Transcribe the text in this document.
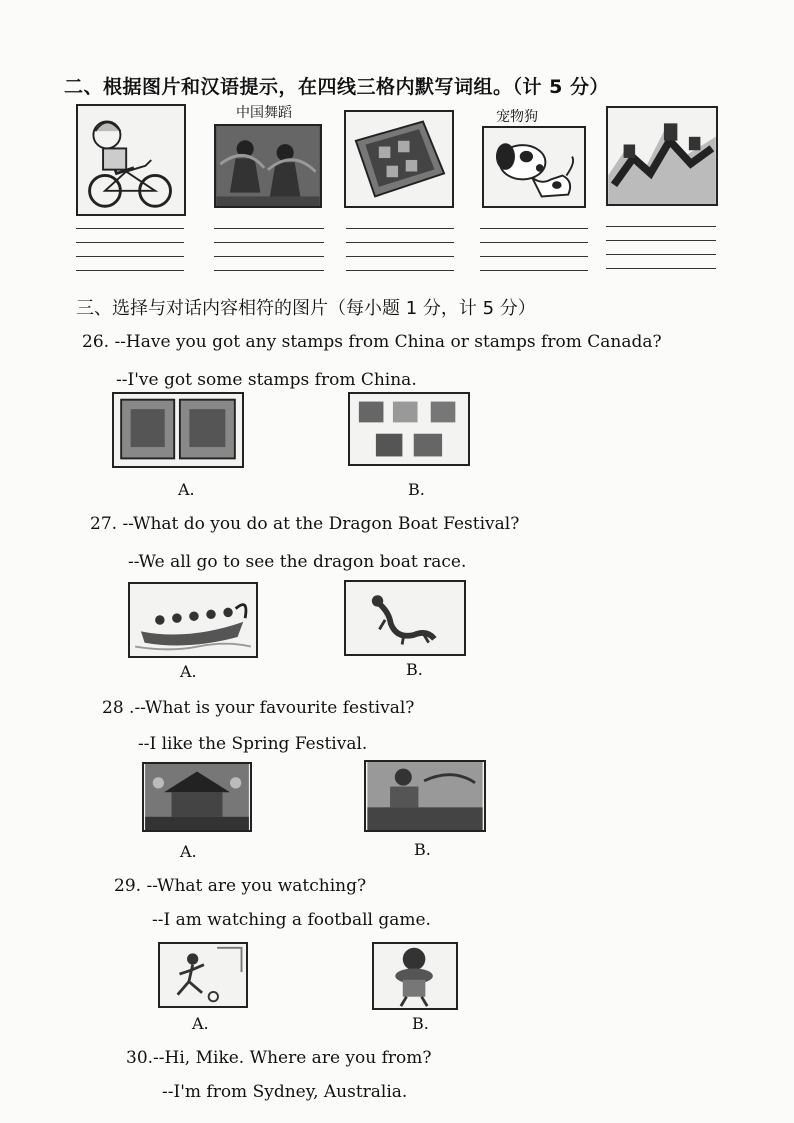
二、根据图片和汉语提示，在四线三格内默写词组。（计 5 分）
中国舞蹈	宠物狗
三、选择与对话内容相符的图片（每小题 1 分，计 5 分）
26. --Have you got any stamps from China or stamps from Canada?
--I've got some stamps from China.
A.	B.
27. --What do you do at the Dragon Boat Festival?
--We all go to see the dragon boat race.
A.	B.
28 .--What is your favourite festival?
--I like the Spring Festival.
A.	B.
29. --What are you watching?
--I am watching a football game.
A.	B.
30.--Hi, Mike. Where are you from?
--I'm from Sydney, Australia.
